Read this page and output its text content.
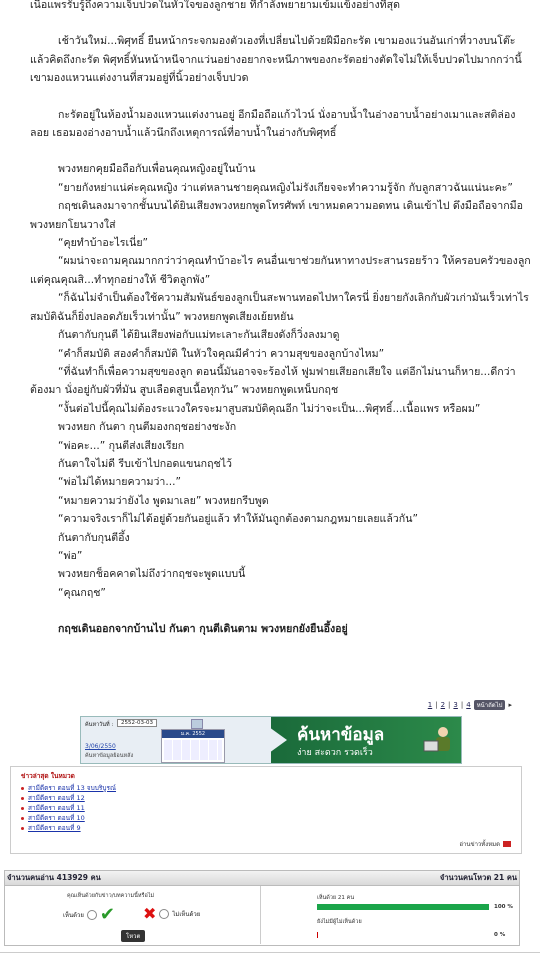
เนื้อแพรรับรู้ถึงความเจ็บปวดในหัวใจของลูกชาย ที่กำลังพยายามเข้มแข็งอย่างที่สุด

เช้าวันใหม่...พิศุทธิ์ ยืนหน้ากระจกมองตัวเองที่เปลี่ยนไปด้วยฝีมือกะรัต เขามองแว่นอันเก่าที่วางบนโต๊ะแล้วคิดถึงกะรัต พิศุทธิ์หันหน้าหนีจากแว่นอย่างอยากจะหนีภาพของกะรัตอย่างตัดใจไม่ให้เจ็บปวดไปมากกว่านี้ เขามองแหวนแต่งงานที่สวมอยู่ที่นิ้วอย่างเจ็บปวด

กะรัตอยู่ในห้องน้ำมองแหวนแต่งงานอยู่ อีกมือถือแก้วไวน์ นั่งอาบน้ำในอ่างอาบน้ำอย่างเมาและสติล่องลอย เธอมองอ่างอาบน้ำแล้วนึกถึงเหตุการณ์ที่อาบน้ำในอ่างกับพิศุทธิ์

พวงหยกคุยมือถือกับเพื่อนคุณหญิงอยู่ในบ้าน

“ยายกังหย่าแน่ค่ะคุณหญิง ว่าแต่หลานชายคุณหญิงไม่รังเกียจจะทำความรู้จัก กับลูกสาวฉันแน่นะคะ”

กฤชเดินลงมาจากชั้นบนได้ยินเสียงพวงหยกพูดโทรศัพท์ เขาหมดความอดทน เดินเข้าไป ดึงมือถือจากมือ พวงหยกโยนวางใส่

“คุยทำบ้าอะไรเนี่ย”

“ผมน่าจะถามคุณมากกว่าว่าคุณทำบ้าอะไร คนอื่นเขาช่วยกันหาทางประสานรอยร้าว ให้ครอบครัวของลูก แต่คุณคุณสิ...ทำทุกอย่างให้ ชีวิตลูกพัง”

“ก็ฉันไม่จำเป็นต้องใช้ความสัมพันธ์ของลูกเป็นสะพานทอดไปหาใครนี่ ยิ่งยายกังเลิกกับผัวเก่ามันเร็วเท่าไร สมบัติฉันก็ยิ่งปลอดภัยเร็วเท่านั้น” พวงหยกพูดเสียงเย้ยหยัน

กันตากับกุนตี ได้ยินเสียงพ่อกับแม่ทะเลาะกันเสียงดังก็วิ่งลงมาดู

“คำก็สมบัติ สองคำก็สมบัติ ในหัวใจคุณมีคำว่า ความสุขของลูกบ้างไหม”

“ที่ฉันทำก็เพื่อความสุขของลูก ตอนนี้มันอาจจะร้องไห้ ฟูมฟายเสียอกเสียใจ แต่อีกไม่นานก็หาย...ดีกว่าต้องมา นั่งอยู่กับผัวที่มัน สูบเลือดสูบเนื้อทุกวัน” พวงหยกพูดเหน็บกฤช

“งั้นต่อไปนี้คุณไม่ต้องระแวงใครจะมาสูบสมบัติคุณอีก ไม่ว่าจะเป็น...พิศุทธิ์...เนื้อแพร หรือผม”

พวงหยก กันตา กุนตีมองกฤชอย่างชะงัก

“พ่อคะ...” กุนตีส่งเสียงเรียก

กันตาใจไม่ดี รีบเข้าไปกอดแขนกฤชไว้

“พ่อไม่ได้หมายความว่า...”

“หมายความว่ายังไง พูดมาเลย” พวงหยกรีบพูด

“ความจริงเราก็ไม่ได้อยู่ด้วยกันอยู่แล้ว ทำให้มันถูกต้องตามกฎหมายเลยแล้วกัน”

กันตากับกุนตีอึ้ง

“พ่อ”

พวงหยกช็อคคาดไม่ถึงว่ากฤชจะพูดแบบนี้

“คุณกฤช”

กฤชเดินออกจากบ้านไป กันตา กุนตีเดินตาม พวงหยกยังยืนอึ้งอยู่

1 | 2 | 3 | 4	หน้าถัดไป ▸
ค้นหาวันที่ :	2552-03-03
ม.ค. 2552
3/06/2550
ค้นหาข้อมูลย้อนหลัง
ค้นหาข้อมูล
ง่าย สะดวก รวดเร็ว
ข่าวล่าสุด ในหมวด
สามีตีตรา ตอนที่ 13 จบบริบูรณ์
สามีตีตรา ตอนที่ 12
สามีตีตรา ตอนที่ 11
สามีตีตรา ตอนที่ 10
สามีตีตรา ตอนที่ 9
อ่านข่าวทั้งหมด
จำนวนคนอ่าน 413929 คน	จำนวนคนโหวต 21 คน
คุณเห็นด้วยกับข่าว/บทความนี้หรือไม่
เห็นด้วย ✔ ✖	ไม่เห็นด้วย
โหวต
เห็นด้วย 21 คน
100 %
ยังไม่มีผู้ไม่เห็นด้วย
0 %
